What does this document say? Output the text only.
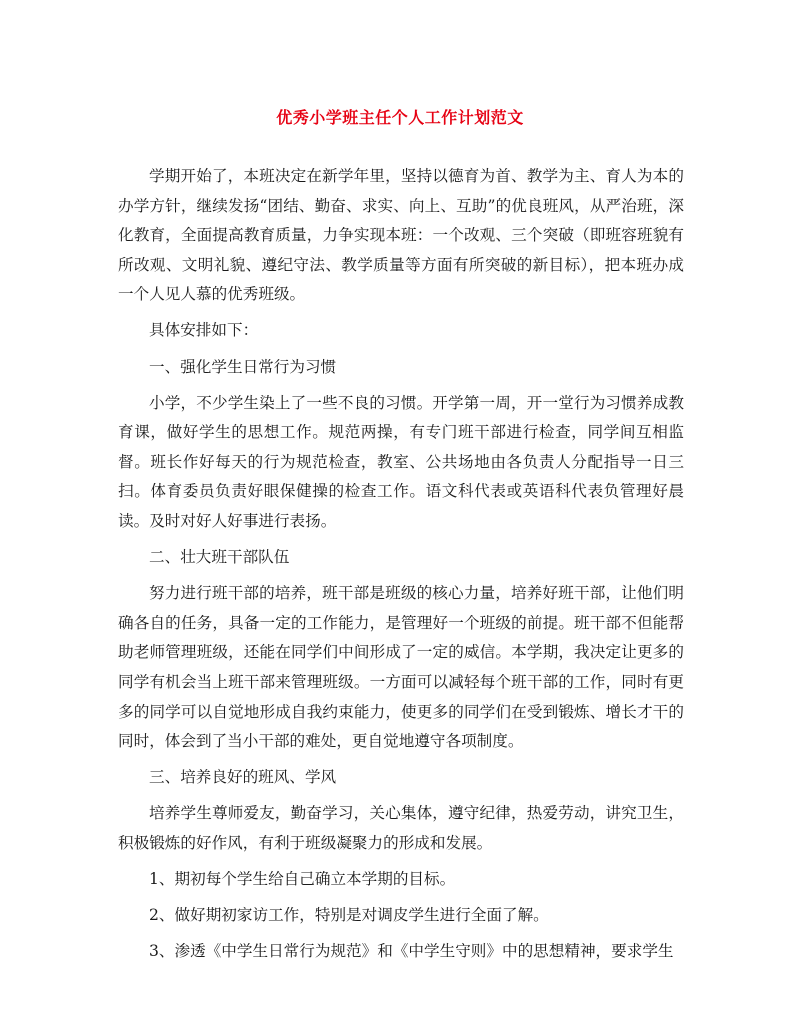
优秀小学班主任个人工作计划范文

学期开始了，本班决定在新学年里，坚持以德育为首、教学为主、育人为本的办学方针，继续发扬“团结、勤奋、求实、向上、互助”的优良班风，从严治班，深化教育，全面提高教育质量，力争实现本班：一个改观、三个突破（即班容班貌有所改观、文明礼貌、遵纪守法、教学质量等方面有所突破的新目标），把本班办成一个人见人慕的优秀班级。

具体安排如下：

一、强化学生日常行为习惯

小学，不少学生染上了一些不良的习惯。开学第一周，开一堂行为习惯养成教育课，做好学生的思想工作。规范两操，有专门班干部进行检查，同学间互相监督。班长作好每天的行为规范检查，教室、公共场地由各负责人分配指导一日三扫。体育委员负责好眼保健操的检查工作。语文科代表或英语科代表负管理好晨读。及时对好人好事进行表扬。

二、壮大班干部队伍

努力进行班干部的培养，班干部是班级的核心力量，培养好班干部，让他们明确各自的任务，具备一定的工作能力，是管理好一个班级的前提。班干部不但能帮助老师管理班级，还能在同学们中间形成了一定的威信。本学期，我决定让更多的同学有机会当上班干部来管理班级。一方面可以减轻每个班干部的工作，同时有更多的同学可以自觉地形成自我约束能力，使更多的同学们在受到锻炼、增长才干的同时，体会到了当小干部的难处，更自觉地遵守各项制度。

三、培养良好的班风、学风

培养学生尊师爱友，勤奋学习，关心集体，遵守纪律，热爱劳动，讲究卫生，积极锻炼的好作风，有利于班级凝聚力的形成和发展。

1、期初每个学生给自己确立本学期的目标。

2、做好期初家访工作，特别是对调皮学生进行全面了解。

3、渗透《中学生日常行为规范》和《中学生守则》中的思想精神，要求学生
